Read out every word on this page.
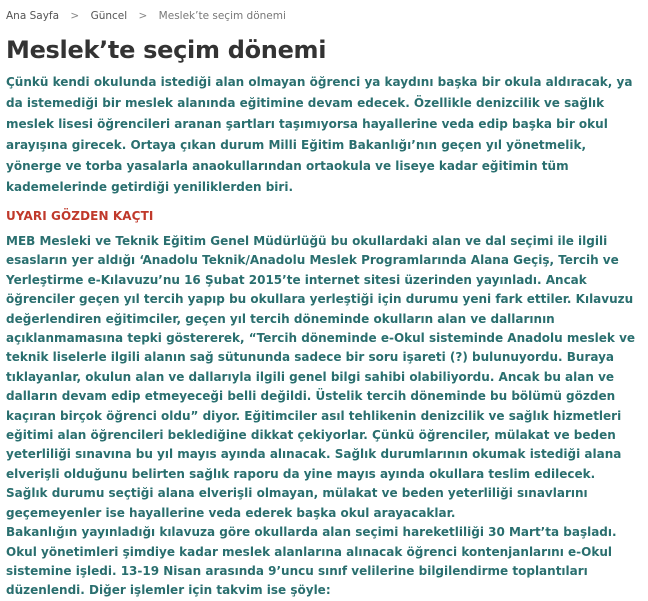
Ana Sayfa > Güncel > Meslek’te seçim dönemi
Meslek’te seçim dönemi

Çünkü kendi okulunda istediği alan olmayan öğrenci ya kaydını başka bir okula aldıracak, ya da istemediği bir meslek alanında eğitimine devam edecek. Özellikle denizcilik ve sağlık meslek lisesi öğrencileri aranan şartları taşımıyorsa hayallerine veda edip başka bir okul arayışına girecek. Ortaya çıkan durum Milli Eğitim Bakanlığı’nın geçen yıl yönetmelik, yönerge ve torba yasalarla anaokullarından ortaokula ve liseye kadar eğitimin tüm kademelerinde getirdiği yeniliklerden biri.

UYARI GÖZDEN KAÇTI

MEB Mesleki ve Teknik Eğitim Genel Müdürlüğü bu okullardaki alan ve dal seçimi ile ilgili esasların yer aldığı ‘Anadolu Teknik/Anadolu Meslek Programlarında Alana Geçiş, Tercih ve Yerleştirme e-Kılavuzu’nu 16 Şubat 2015’te internet sitesi üzerinden yayınladı. Ancak öğrenciler geçen yıl tercih yapıp bu okullara yerleştiği için durumu yeni fark ettiler. Kılavuzu değerlendiren eğitimciler, geçen yıl tercih döneminde okulların alan ve dallarının açıklanmamasına tepki göstererek, “Tercih döneminde e-Okul sisteminde Anadolu meslek ve teknik liselerle ilgili alanın sağ sütununda sadece bir soru işareti (?) bulunuyordu. Buraya tıklayanlar, okulun alan ve dallarıyla ilgili genel bilgi sahibi olabiliyordu. Ancak bu alan ve dalların devam edip etmeyeceği belli değildi. Üstelik tercih döneminde bu bölümü gözden kaçıran birçok öğrenci oldu” diyor. Eğitimciler asıl tehlikenin denizcilik ve sağlık hizmetleri eğitimi alan öğrencileri beklediğine dikkat çekiyorlar. Çünkü öğrenciler, mülakat ve beden yeterliliği sınavına bu yıl mayıs ayında alınacak. Sağlık durumlarının okumak istediği alana elverişli olduğunu belirten sağlık raporu da yine mayıs ayında okullara teslim edilecek. Sağlık durumu seçtiği alana elverişli olmayan, mülakat ve beden yeterliliği sınavlarını geçemeyenler ise hayallerine veda ederek başka okul arayacaklar.

Bakanlığın yayınladığı kılavuza göre okullarda alan seçimi hareketliliği 30 Mart’ta başladı. Okul yönetimleri şimdiye kadar meslek alanlarına alınacak öğrenci kontenjanlarını e-Okul sistemine işledi. 13-19 Nisan arasında 9’uncu sınıf velilerine bilgilendirme toplantıları düzenlendi. Diğer işlemler için takvim ise şöyle:
